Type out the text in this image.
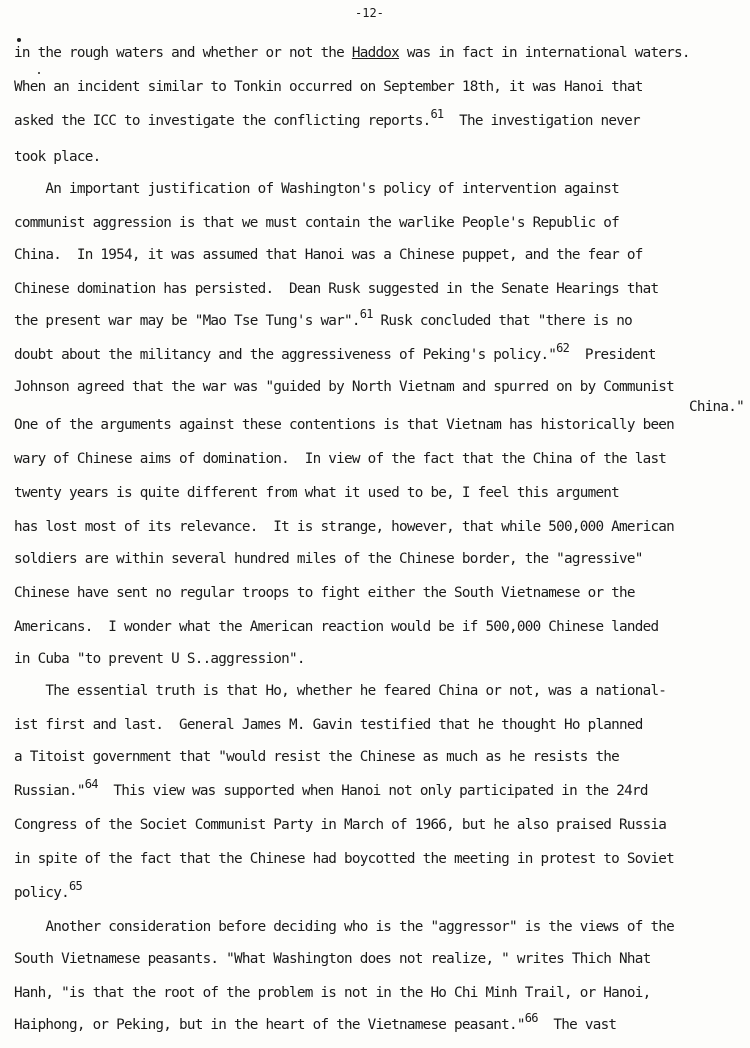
-12-
in the rough waters and whether or not the Haddox was in fact in international waters.
When an incident similar to Tonkin occurred on September 18th, it was Hanoi that
asked the ICC to investigate the conflicting reports.$^{61}$  The investigation never
took place.
An important justification of Washington's policy of intervention against
communist aggression is that we must contain the warlike People's Republic of
China.  In 1954, it was assumed that Hanoi was a Chinese puppet, and the fear of
Chinese domination has persisted.  Dean Rusk suggested in the Senate Hearings that
the present war may be "Mao Tse Tung's war".$^{61}$ Rusk concluded that "there is no
doubt about the militancy and the aggressiveness of Peking's policy."$^{62}$  President
Johnson agreed that the war was "guided by North Vietnam and spurred on by Communist
China."
One of the arguments against these contentions is that Vietnam has historically been
wary of Chinese aims of domination.  In view of the fact that the China of the last
twenty years is quite different from what it used to be, I feel this argument
has lost most of its relevance.  It is strange, however, that while 500,000 American
soldiers are within several hundred miles of the Chinese border, the "agressive"
Chinese have sent no regular troops to fight either the South Vietnamese or the
Americans.  I wonder what the American reaction would be if 500,000 Chinese landed
in Cuba "to prevent U S..aggression".
The essential truth is that Ho, whether he feared China or not, was a national-
ist first and last.  General James M. Gavin testified that he thought Ho planned
a Titoist government that "would resist the Chinese as much as he resists the
Russian."$^{64}$  This view was supported when Hanoi not only participated in the 24rd
Congress of the Societ Communist Party in March of 1966, but he also praised Russia
in spite of the fact that the Chinese had boycotted the meeting in protest to Soviet
policy.$^{65}$
Another consideration before deciding who is the "aggressor" is the views of the
South Vietnamese peasants. "What Washington does not realize, " writes Thich Nhat
Hanh, "is that the root of the problem is not in the Ho Chi Minh Trail, or Hanoi,
Haiphong, or Peking, but in the heart of the Vietnamese peasant."$^{66}$  The vast
